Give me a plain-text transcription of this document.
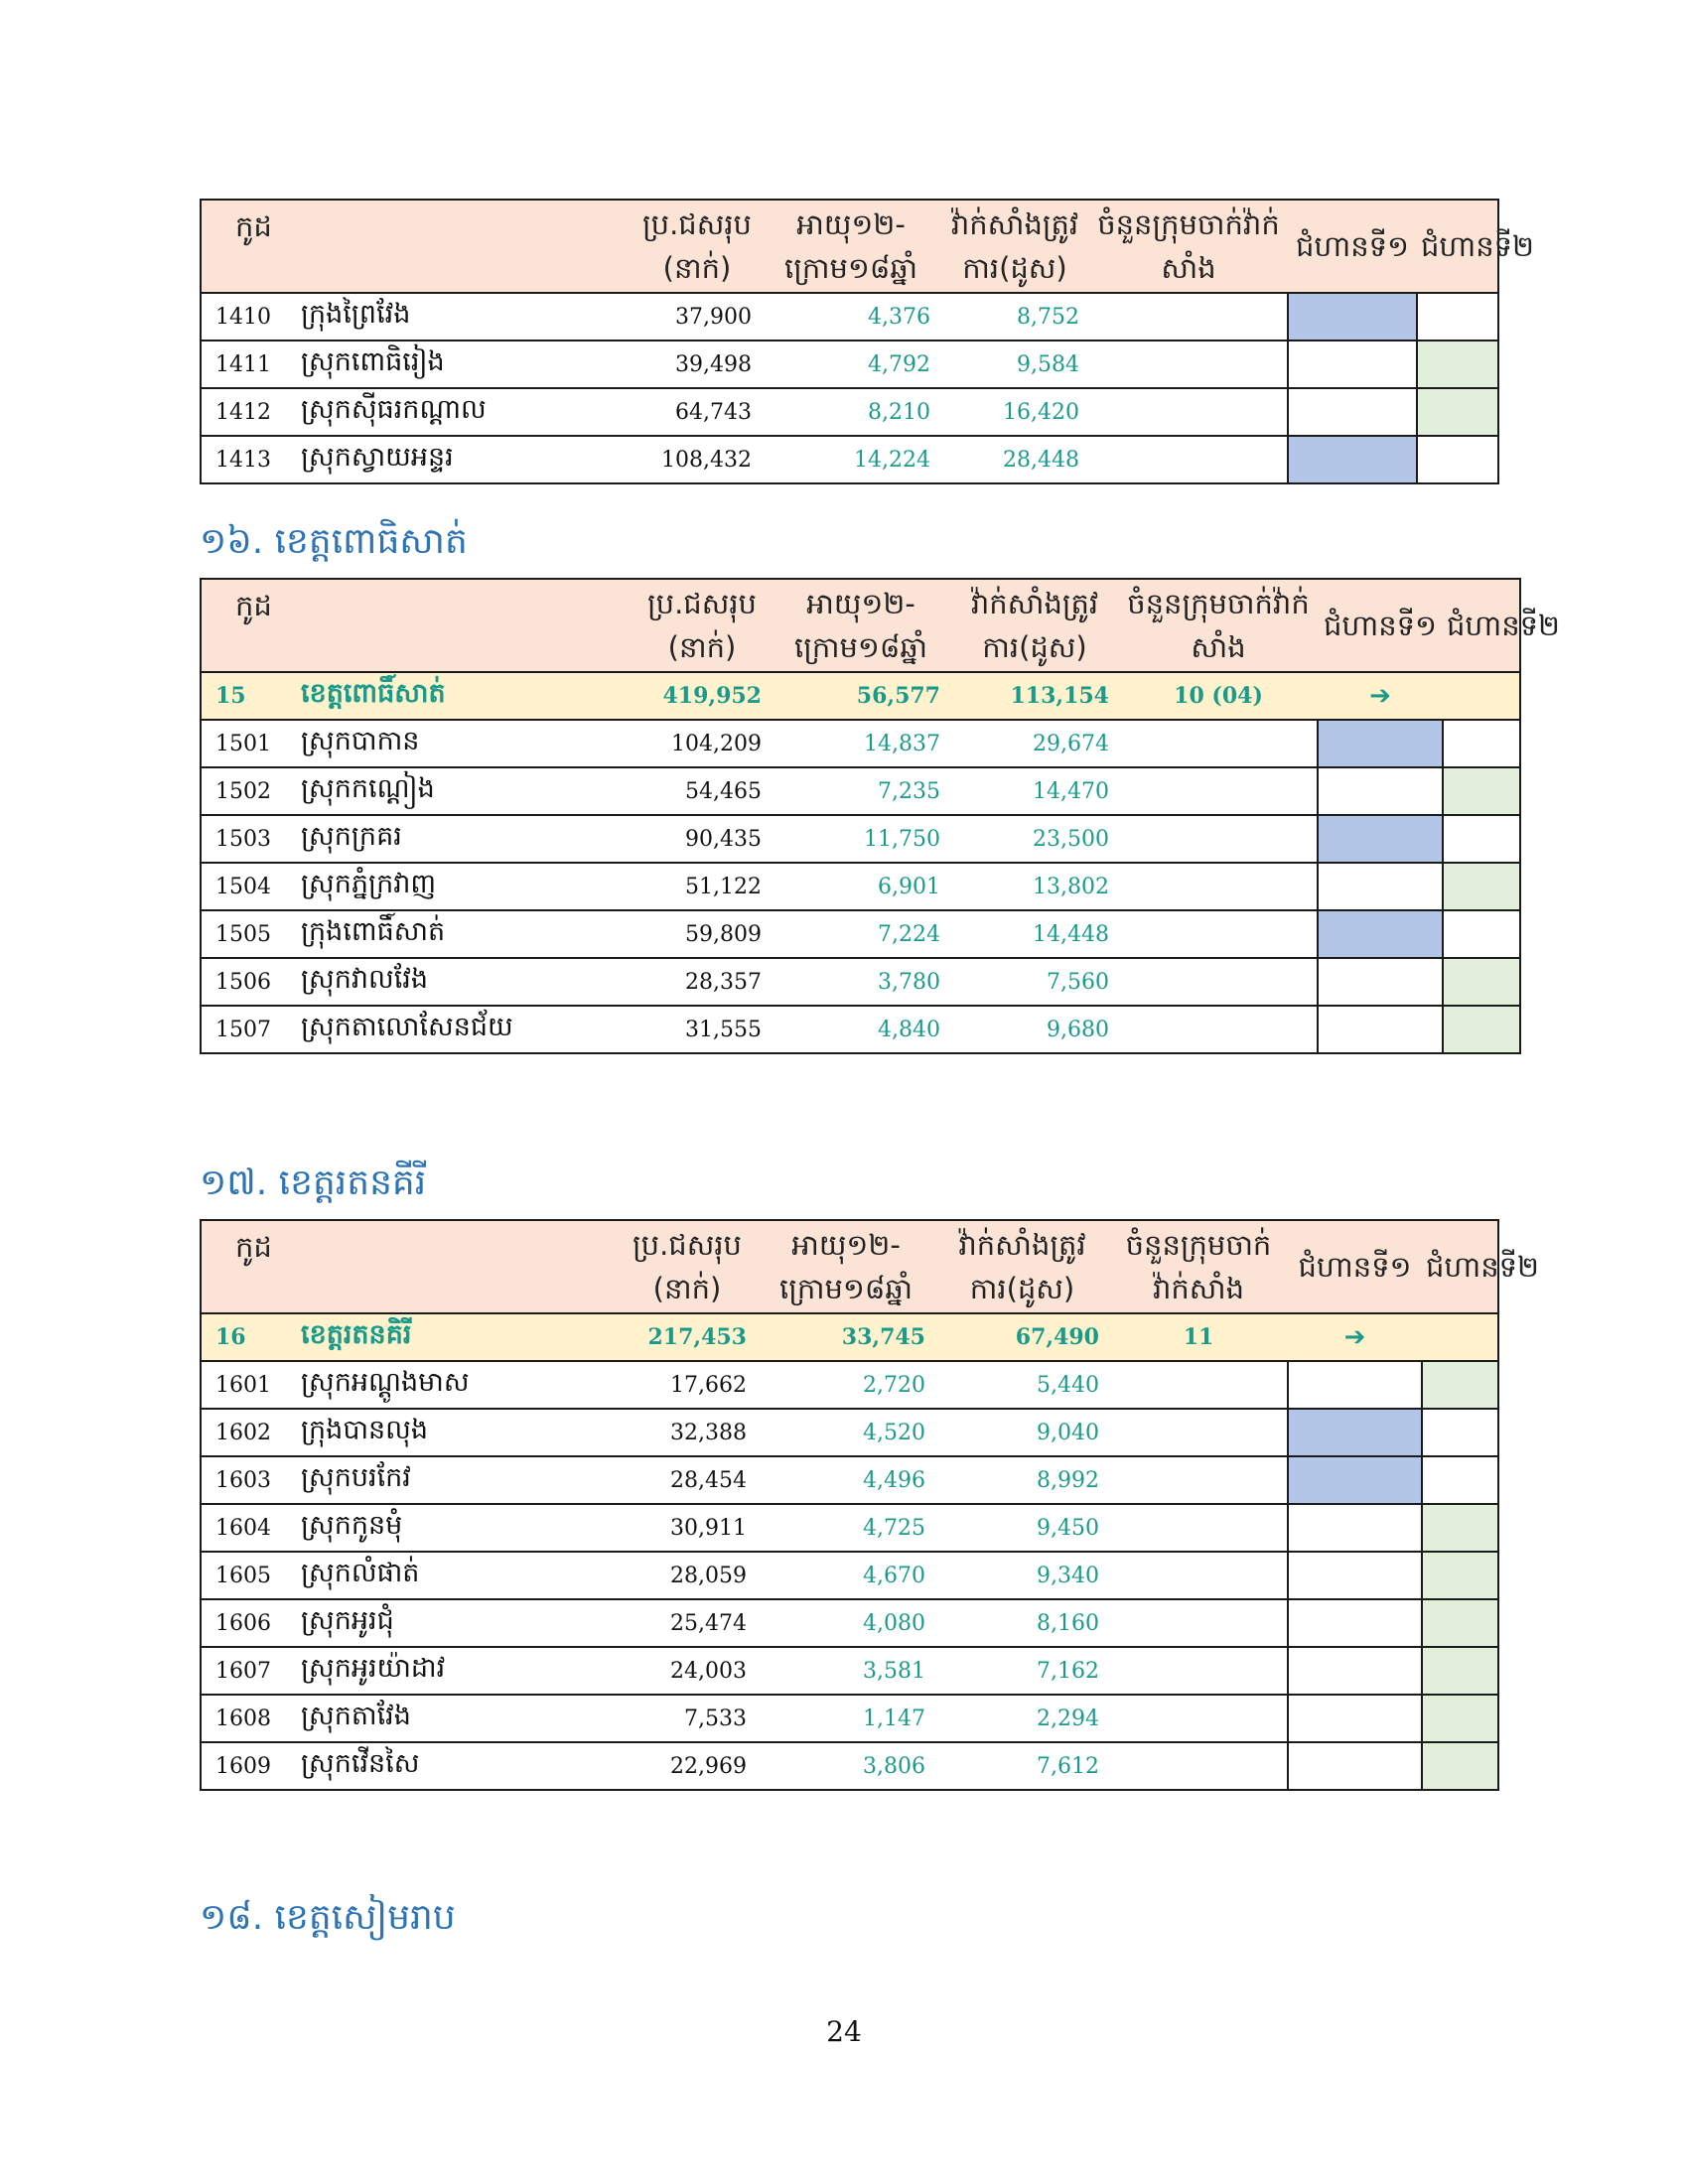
កូដ		ប្រ.ជសរុប (នាក់)	អាយុ១២-ក្រោម១៨ឆ្នាំ	វ៉ាក់សាំងត្រូវការ(ដូស)	ចំនួនក្រុមចាក់វ៉ាក់សាំង	ជំហានទី១	ជំហានទី២
1410	ក្រុងព្រៃវែង	37,900	4,376	8,752			
1411	ស្រុកពោធិរៀង	39,498	4,792	9,584			
1412	ស្រុកស៊ីធរកណ្តាល	64,743	8,210	16,420			
1413	ស្រុកស្វាយអន្ទរ	108,432	14,224	28,448			
១៦. ខេត្តពោធិសាត់
កូដ		ប្រ.ជសរុប (នាក់)	អាយុ១២-ក្រោម១៨ឆ្នាំ	វ៉ាក់សាំងត្រូវការ(ដូស)	ចំនួនក្រុមចាក់វ៉ាក់សាំង	ជំហានទី១	ជំហានទី២
15	ខេត្តពោធិ៍សាត់	419,952	56,577	113,154	10 (04)	➔	
1501	ស្រុកបាកាន	104,209	14,837	29,674			
1502	ស្រុកកណ្តៀង	54,465	7,235	14,470			
1503	ស្រុកក្រគរ	90,435	11,750	23,500			
1504	ស្រុកភ្នំក្រវាញ	51,122	6,901	13,802			
1505	ក្រុងពោធិ៍សាត់	59,809	7,224	14,448			
1506	ស្រុកវាលវែង	28,357	3,780	7,560			
1507	ស្រុកតាលោសែនជ័យ	31,555	4,840	9,680			
១៧. ខេត្តរតនគីរី
កូដ		ប្រ.ជសរុប (នាក់)	អាយុ១២-ក្រោម១៨ឆ្នាំ	វ៉ាក់សាំងត្រូវការ(ដូស)	ចំនួនក្រុមចាក់វ៉ាក់សាំង	ជំហានទី១	ជំហានទី២
16	ខេត្តរតនគិរី	217,453	33,745	67,490	11	➔	
1601	ស្រុកអណ្តូងមាស	17,662	2,720	5,440			
1602	ក្រុងបានលុង	32,388	4,520	9,040			
1603	ស្រុកបរកែវ	28,454	4,496	8,992			
1604	ស្រុកកូនមុំ	30,911	4,725	9,450			
1605	ស្រុកលំផាត់	28,059	4,670	9,340			
1606	ស្រុកអូរជុំ	25,474	4,080	8,160			
1607	ស្រុកអូរយ៉ាដាវ	24,003	3,581	7,162			
1608	ស្រុកតាវែង	7,533	1,147	2,294			
1609	ស្រុកវើនសៃ	22,969	3,806	7,612			
១៨. ខេត្តសៀមរាប
24
